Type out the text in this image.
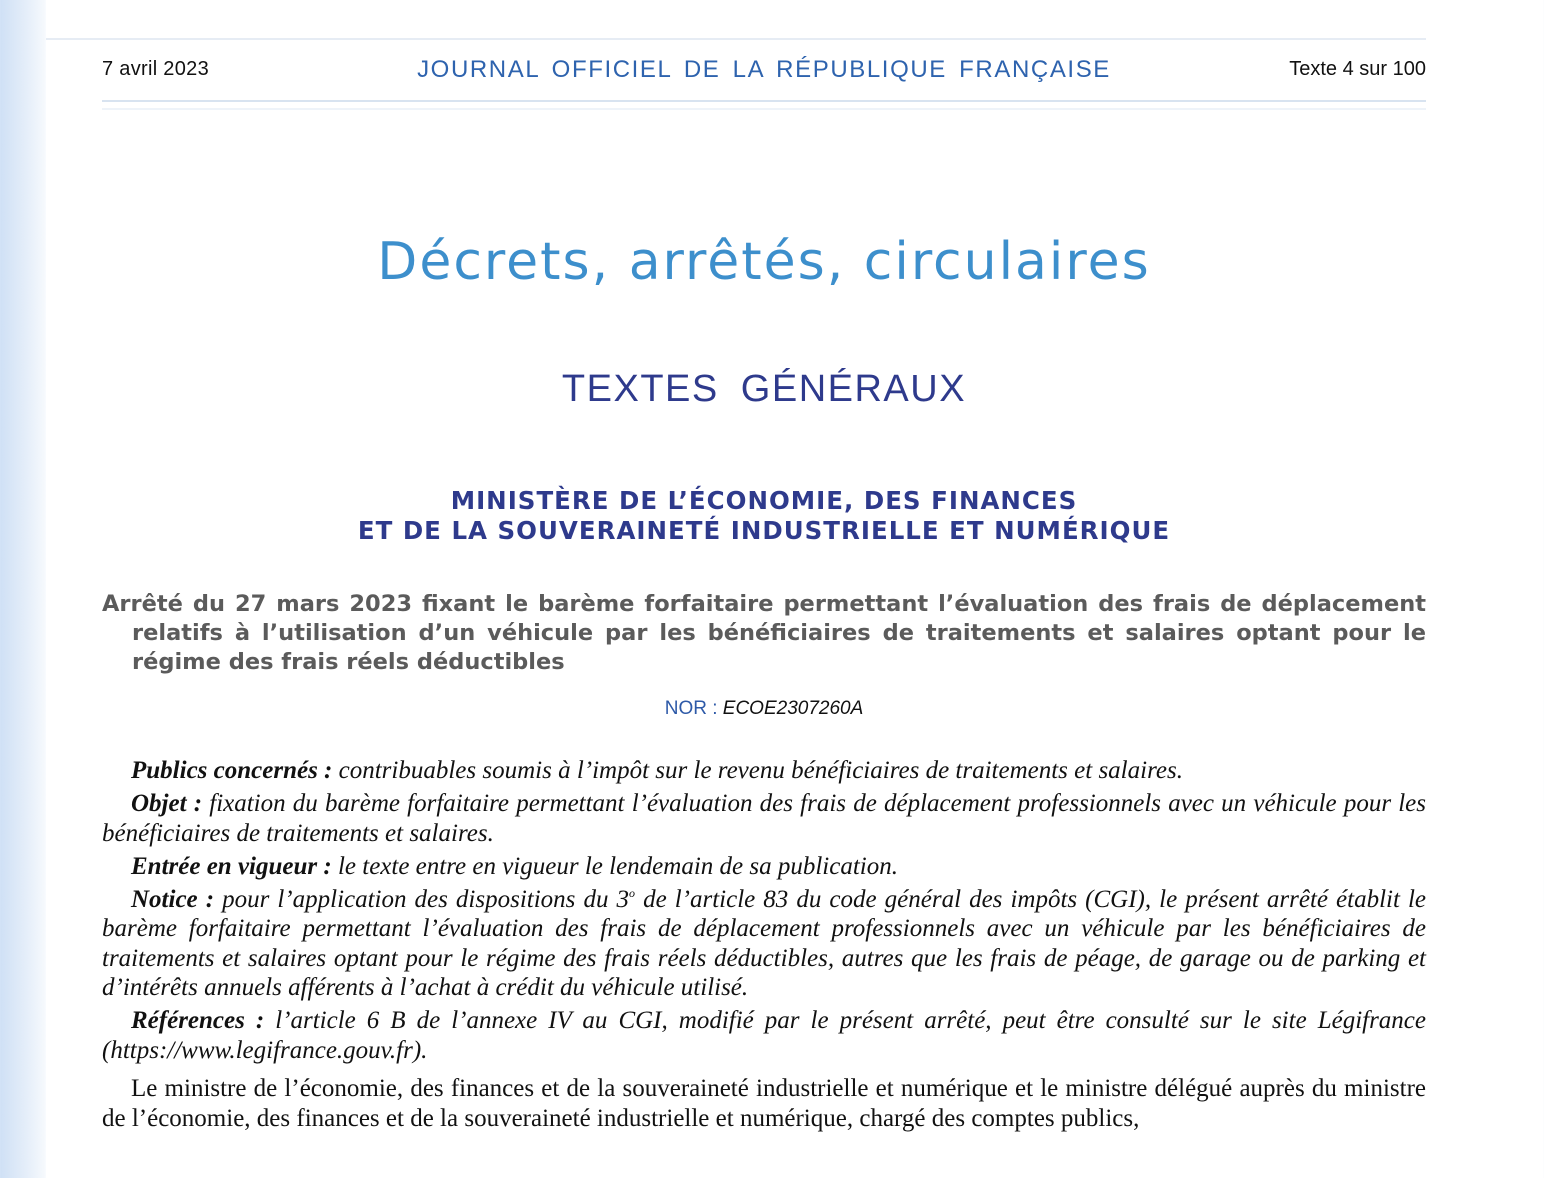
7 avril 2023	JOURNAL OFFICIEL DE LA RÉPUBLIQUE FRANÇAISE	Texte 4 sur 100
Décrets, arrêtés, circulaires
TEXTES GÉNÉRAUX
MINISTÈRE DE L’ÉCONOMIE, DES FINANCES
ET DE LA SOUVERAINETÉ INDUSTRIELLE ET NUMÉRIQUE
Arrêté du 27 mars 2023 fixant le barème forfaitaire permettant l’évaluation des frais de déplacement relatifs à l’utilisation d’un véhicule par les bénéficiaires de traitements et salaires optant pour le régime des frais réels déductibles
NOR : ECOE2307260A

Publics concernés : contribuables soumis à l’impôt sur le revenu bénéficiaires de traitements et salaires.

Objet : fixation du barème forfaitaire permettant l’évaluation des frais de déplacement professionnels avec un véhicule pour les bénéficiaires de traitements et salaires.

Entrée en vigueur : le texte entre en vigueur le lendemain de sa publication.

Notice : pour l’application des dispositions du 3$^o$ de l’article 83 du code général des impôts (CGI), le présent arrêté établit le barème forfaitaire permettant l’évaluation des frais de déplacement professionnels avec un véhicule par les bénéficiaires de traitements et salaires optant pour le régime des frais réels déductibles, autres que les frais de péage, de garage ou de parking et d’intérêts annuels afférents à l’achat à crédit du véhicule utilisé.

Références : l’article 6 B de l’annexe IV au CGI, modifié par le présent arrêté, peut être consulté sur le site Légifrance (https://www.legifrance.gouv.fr).

Le ministre de l’économie, des finances et de la souveraineté industrielle et numérique et le ministre délégué auprès du ministre de l’économie, des finances et de la souveraineté industrielle et numérique, chargé des comptes publics,
